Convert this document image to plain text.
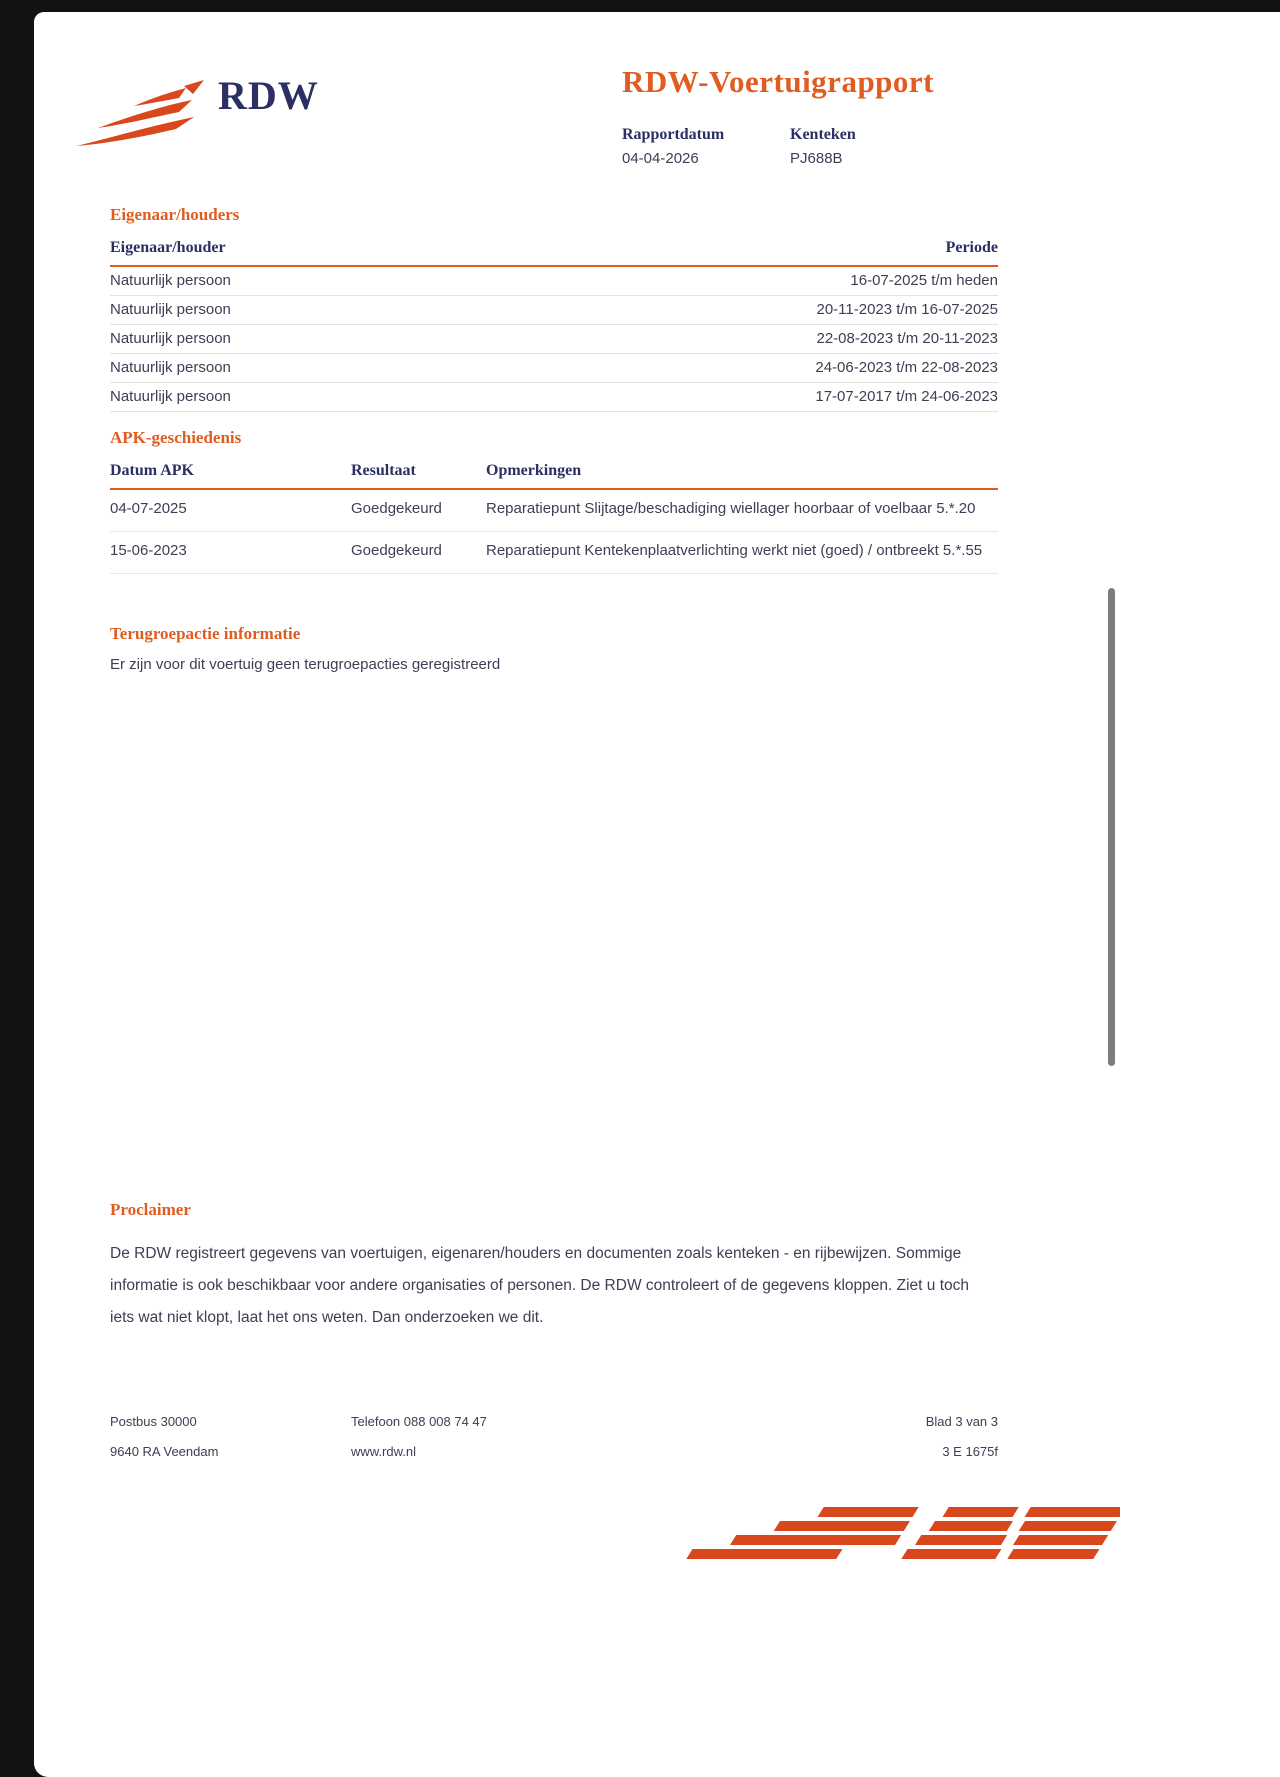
RDW	RDW-Voertuigrapport
Rapportdatum
04-04-2026
Kenteken
PJ688B
Eigenaar/houders
Eigenaar/houder	Periode
Natuurlijk persoon	16-07-2025 t/m heden
Natuurlijk persoon	20-11-2023 t/m 16-07-2025
Natuurlijk persoon	22-08-2023 t/m 20-11-2023
Natuurlijk persoon	24-06-2023 t/m 22-08-2023
Natuurlijk persoon	17-07-2017 t/m 24-06-2023
APK-geschiedenis
Datum APK	Resultaat	Opmerkingen
04-07-2025	Goedgekeurd	Reparatiepunt Slijtage/beschadiging wiellager hoorbaar of voelbaar 5.*.20
15-06-2023	Goedgekeurd	Reparatiepunt Kentekenplaatverlichting werkt niet (goed) / ontbreekt 5.*.55
Terugroepactie informatie
Er zijn voor dit voertuig geen terugroepacties geregistreerd
Proclaimer
De RDW registreert gegevens van voertuigen, eigenaren/houders en documenten zoals kenteken - en rijbewijzen. Sommige informatie is ook beschikbaar voor andere organisaties of personen. De RDW controleert of de gegevens kloppen. Ziet u toch iets wat niet klopt, laat het ons weten. Dan onderzoeken we dit.
Postbus 30000
9640 RA Veendam
Telefoon 088 008 74 47
www.rdw.nl
Blad 3 van 3
3 E 1675f
